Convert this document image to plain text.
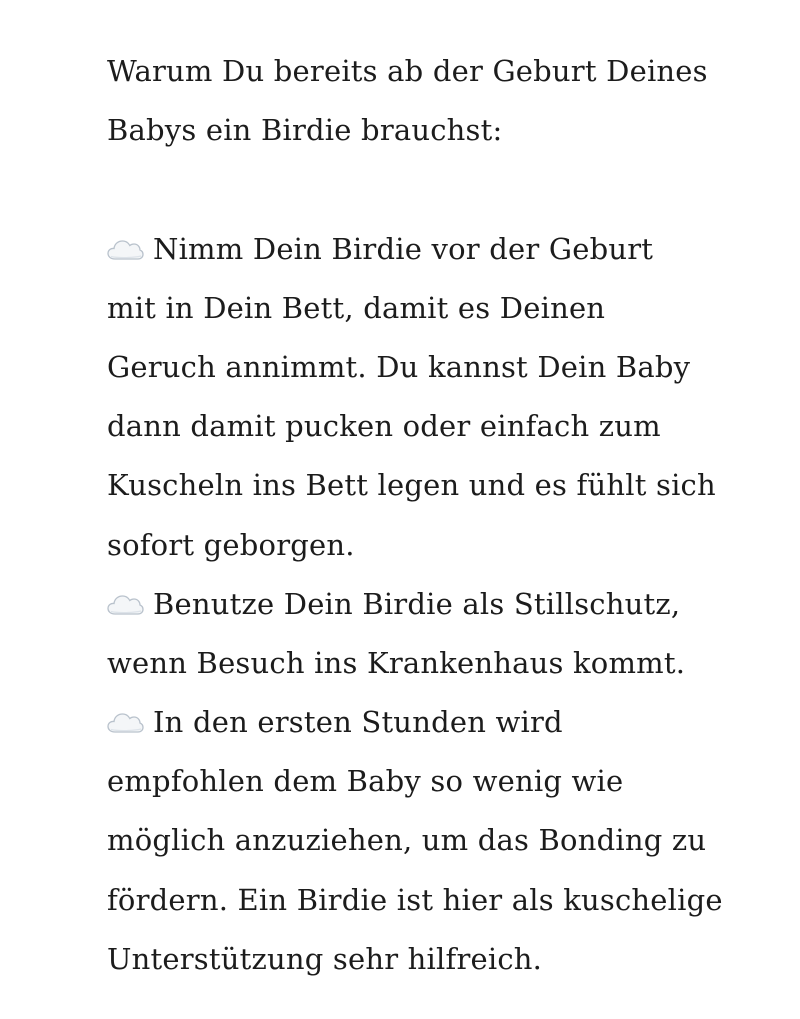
Warum Du bereits ab der Geburt Deines
Babys ein Birdie brauchst:
Nimm Dein Birdie vor der Geburt
mit in Dein Bett, damit es Deinen
Geruch annimmt. Du kannst Dein Baby
dann damit pucken oder einfach zum
Kuscheln ins Bett legen und es fühlt sich
sofort geborgen.
Benutze Dein Birdie als Stillschutz,
wenn Besuch ins Krankenhaus kommt.
In den ersten Stunden wird
empfohlen dem Baby so wenig wie
möglich anzuziehen, um das Bonding zu
fördern. Ein Birdie ist hier als kuschelige
Unterstützung sehr hilfreich.
